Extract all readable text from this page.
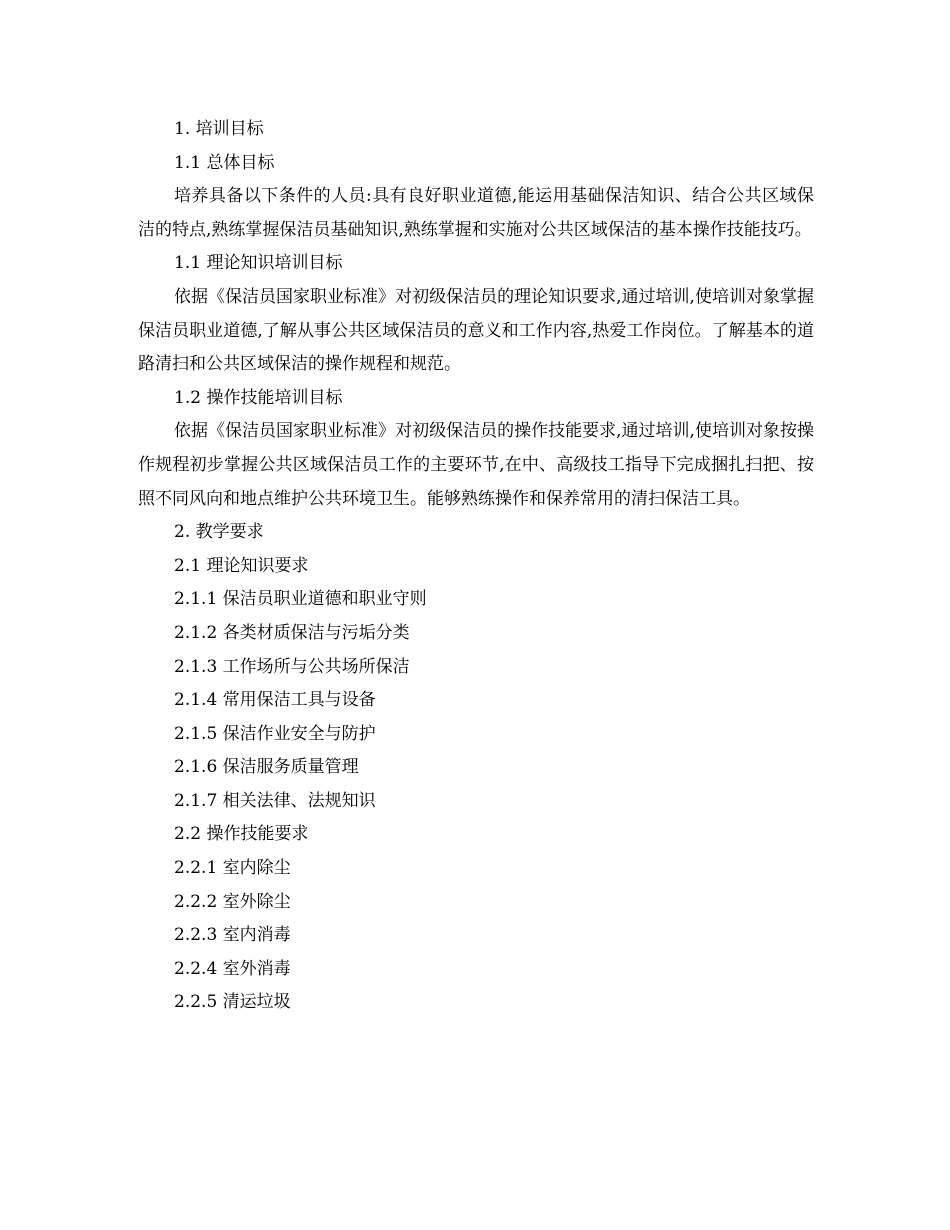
1. 培训目标
1.1 总体目标

培养具备以下条件的人员:具有良好职业道德,能运用基础保洁知识、结合公共区域保洁的特点,熟练掌握保洁员基础知识,熟练掌握和实施对公共区域保洁的基本操作技能技巧。

1.1 理论知识培训目标

依据《保洁员国家职业标准》对初级保洁员的理论知识要求,通过培训,使培训对象掌握保洁员职业道德,了解从事公共区域保洁员的意义和工作内容,热爱工作岗位。了解基本的道路清扫和公共区域保洁的操作规程和规范。

1.2 操作技能培训目标

依据《保洁员国家职业标准》对初级保洁员的操作技能要求,通过培训,使培训对象按操作规程初步掌握公共区域保洁员工作的主要环节,在中、高级技工指导下完成捆扎扫把、按照不同风向和地点维护公共环境卫生。能够熟练操作和保养常用的清扫保洁工具。

2. 教学要求
2.1 理论知识要求
2.1.1 保洁员职业道德和职业守则
2.1.2 各类材质保洁与污垢分类
2.1.3 工作场所与公共场所保洁
2.1.4 常用保洁工具与设备
2.1.5 保洁作业安全与防护
2.1.6 保洁服务质量管理
2.1.7 相关法律、法规知识
2.2 操作技能要求
2.2.1 室内除尘
2.2.2 室外除尘
2.2.3 室内消毒
2.2.4 室外消毒
2.2.5 清运垃圾
